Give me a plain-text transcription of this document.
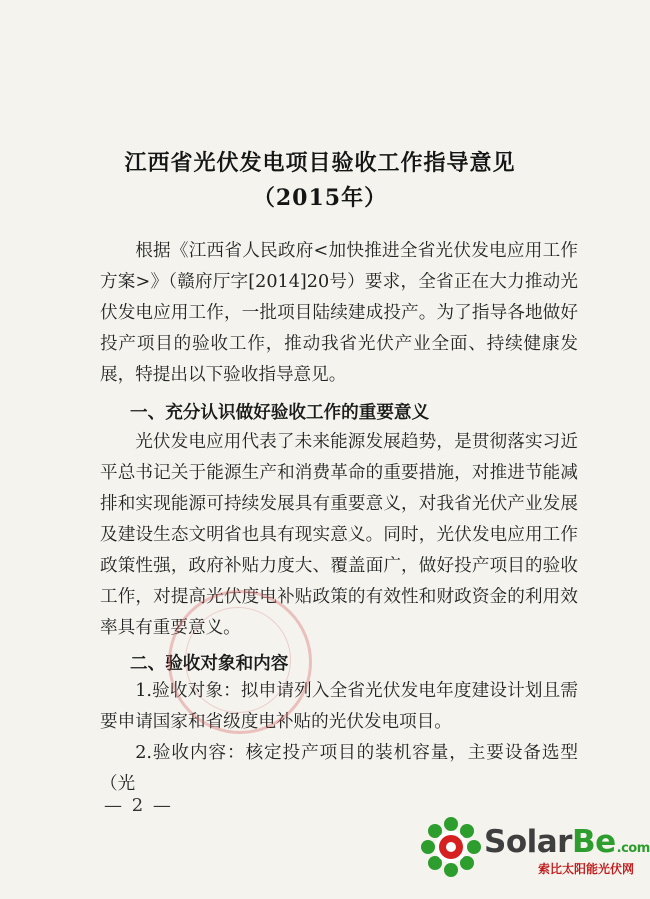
江西省光伏发电项目验收工作指导意见
（2015年）
根据《江西省人民政府<加快推进全省光伏发电应用工作方案>》（赣府厅字[2014]20号）要求，全省正在大力推动光伏发电应用工作，一批项目陆续建成投产。为了指导各地做好投产项目的验收工作，推动我省光伏产业全面、持续健康发展，特提出以下验收指导意见。
一、充分认识做好验收工作的重要意义
光伏发电应用代表了未来能源发展趋势，是贯彻落实习近平总书记关于能源生产和消费革命的重要措施，对推进节能减排和实现能源可持续发展具有重要意义，对我省光伏产业发展及建设生态文明省也具有现实意义。同时，光伏发电应用工作政策性强，政府补贴力度大、覆盖面广，做好投产项目的验收工作，对提高光伏度电补贴政策的有效性和财政资金的利用效率具有重要意义。
二、验收对象和内容
1.验收对象：拟申请列入全省光伏发电年度建设计划且需要申请国家和省级度电补贴的光伏发电项目。
2.验收内容：核定投产项目的装机容量，主要设备选型（光
— 2 —
SolarBe.com
索比太阳能光伏网
